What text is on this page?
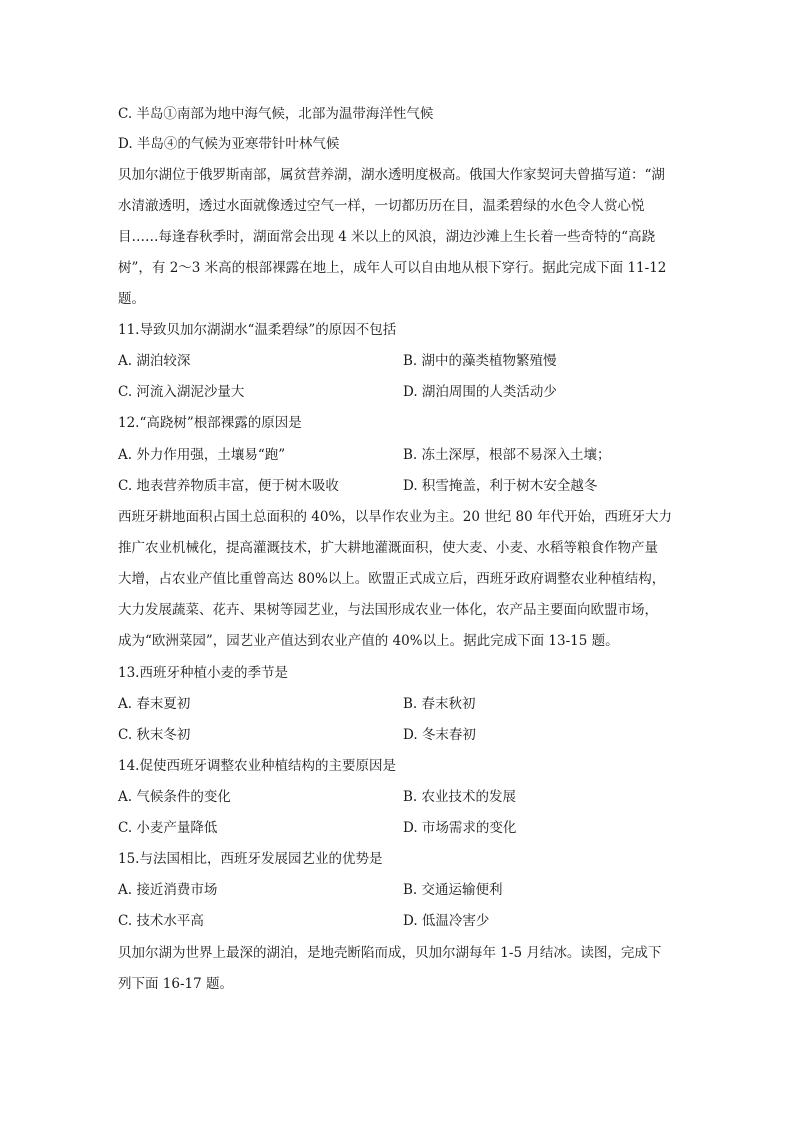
C. 半岛①南部为地中海气候，北部为温带海洋性气候
D. 半岛④的气候为亚寒带针叶林气候
贝加尔湖位于俄罗斯南部，属贫营养湖，湖水透明度极高。俄国大作家契诃夫曾描写道：“湖
水清澈透明，透过水面就像透过空气一样，一切都历历在目，温柔碧绿的水色令人赏心悦
目……每逢春秋季时，湖面常会出现 4 米以上的风浪，湖边沙滩上生长着一些奇特的“高跷
树”，有 2～3 米高的根部裸露在地上，成年人可以自由地从根下穿行。据此完成下面 11-12
题。
11.导致贝加尔湖湖水“温柔碧绿”的原因不包括
A. 湖泊较深	B. 湖中的藻类植物繁殖慢
C. 河流入湖泥沙量大	D. 湖泊周围的人类活动少
12.“高跷树”根部裸露的原因是
A. 外力作用强，土壤易“跑”	B. 冻土深厚，根部不易深入土壤；
C. 地表营养物质丰富，便于树木吸收	D. 积雪掩盖，利于树木安全越冬
西班牙耕地面积占国土总面积的 40%，以旱作农业为主。20 世纪 80 年代开始，西班牙大力
推广农业机械化，提高灌溉技术，扩大耕地灌溉面积，使大麦、小麦、水稻等粮食作物产量
大增，占农业产值比重曾高达 80%以上。欧盟正式成立后，西班牙政府调整农业种植结构，
大力发展蔬菜、花卉、果树等园艺业，与法国形成农业一体化，农产品主要面向欧盟市场，
成为“欧洲菜园”，园艺业产值达到农业产值的 40%以上。据此完成下面 13-15 题。
13.西班牙种植小麦的季节是
A. 春末夏初	B. 春末秋初
C. 秋末冬初	D. 冬末春初
14.促使西班牙调整农业种植结构的主要原因是
A. 气候条件的变化	B. 农业技术的发展
C. 小麦产量降低	D. 市场需求的变化
15.与法国相比，西班牙发展园艺业的优势是
A. 接近消费市场	B. 交通运输便利
C. 技术水平高	D. 低温冷害少
贝加尔湖为世界上最深的湖泊，是地壳断陷而成，贝加尔湖每年 1-5 月结冰。读图，完成下
列下面 16-17 题。
